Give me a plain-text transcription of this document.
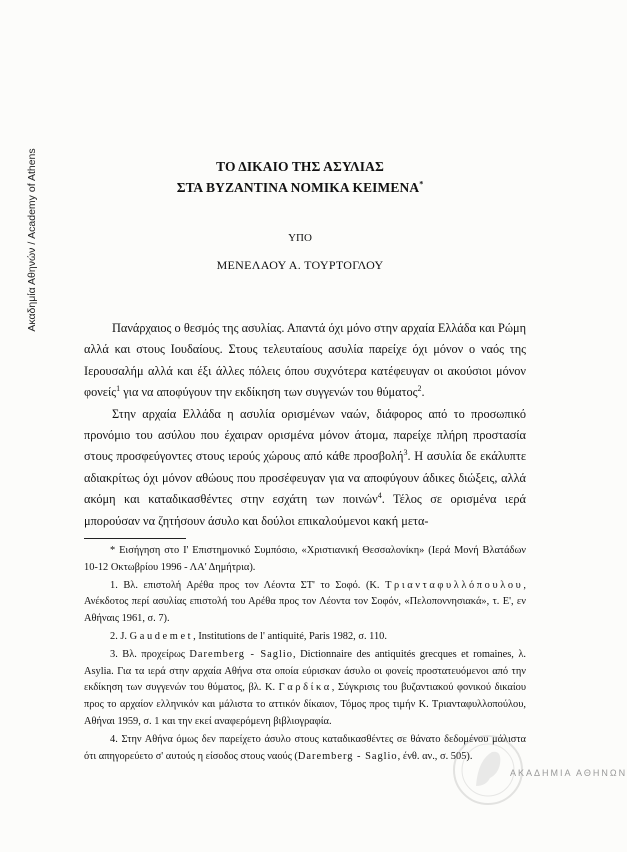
Ακαδημία Αθηνών / Academy of Athens	ΤΟ ΔΙΚΑΙΟ ΤΗΣ ΑΣΥΛΙΑΣ
ΣΤΑ ΒΥΖΑΝΤΙΝΑ ΝΟΜΙΚΑ ΚΕΙΜΕΝΑ*
ΥΠΟ
ΜΕΝΕΛΑΟΥ Α. ΤΟΥΡΤΟΓΛΟΥ

Πανάρχαιος ο θεσμός της ασυλίας. Απαντά όχι μόνο στην αρχαία Ελλάδα και Ρώμη αλλά και στους Ιουδαίους. Στους τελευταίους ασυλία παρείχε όχι μόνον ο ναός της Ιερουσαλήμ αλλά και έξι άλλες πόλεις όπου συχνότερα κατέφευγαν οι ακούσιοι μόνον φονείς$^1$ για να αποφύγουν την εκδίκηση των συγγενών του θύματος$^2$.

Στην αρχαία Ελλάδα η ασυλία ορισμένων ναών, διάφορος από το προσωπικό προνόμιο του ασύλου που έχαιραν ορισμένα μόνον άτομα, παρείχε πλήρη προστασία στους προσφεύγοντες στους ιερούς χώρους από κάθε προσβολή$^3$. Η ασυλία δε εκάλυπτε αδιακρίτως όχι μόνον αθώους που προσέφευγαν για να αποφύγουν άδικες διώξεις, αλλά ακόμη και καταδικασθέντες στην εσχάτη των ποινών$^4$. Τέλος σε ορισμένα ιερά μπορούσαν να ζητήσουν άσυλο και δούλοι επικαλούμενοι κακή μετα-

* Εισήγηση στο Ι' Επιστημονικό Συμπόσιο, «Χριστιανική Θεσσαλονίκη» (Ιερά Μονή Βλατάδων 10-12 Οκτωβρίου 1996 - ΛΑ' Δημήτρια).

1. Βλ. επιστολή Αρέθα προς τον Λέοντα ΣΤ' το Σοφό. (Κ. Τριανταφυλλόπουλου, Ανέκδοτος περί ασυλίας επιστολή του Αρέθα προς τον Λέοντα τον Σοφόν, «Πελοποννησιακά», τ. Ε', εν Αθήναις 1961, σ. 7).

2. J. Gaudemet, Institutions de l' antiquité, Paris 1982, σ. 110.

3. Βλ. προχείρως Daremberg - Saglio, Dictionnaire des antiquités grecques et romaines, λ. Asylia. Για τα ιερά στην αρχαία Αθήνα στα οποία εύρισκαν άσυλο οι φονείς προστατευόμενοι από την εκδίκηση των συγγενών του θύματος, βλ. Κ. Γαρδίκα, Σύγκρισις του βυζαντιακού φονικού δικαίου προς το αρχαίον ελληνικόν και μάλιστα το αττικόν δίκαιον, Τόμος προς τιμήν Κ. Τριανταφυλλοπούλου, Αθήναι 1959, σ. 1 και την εκεί αναφερόμενη βιβλιογραφία.

4. Στην Αθήνα όμως δεν παρείχετο άσυλο στους καταδικασθέντες σε θάνατο δεδομένου μάλιστα ότι απηγορεύετο σ' αυτούς η είσοδος στους ναούς (Daremberg - Saglio, ένθ. αν., σ. 505).

ΑΚΑΔΗΜΙΑ ΑΘΗΝΩΝ
